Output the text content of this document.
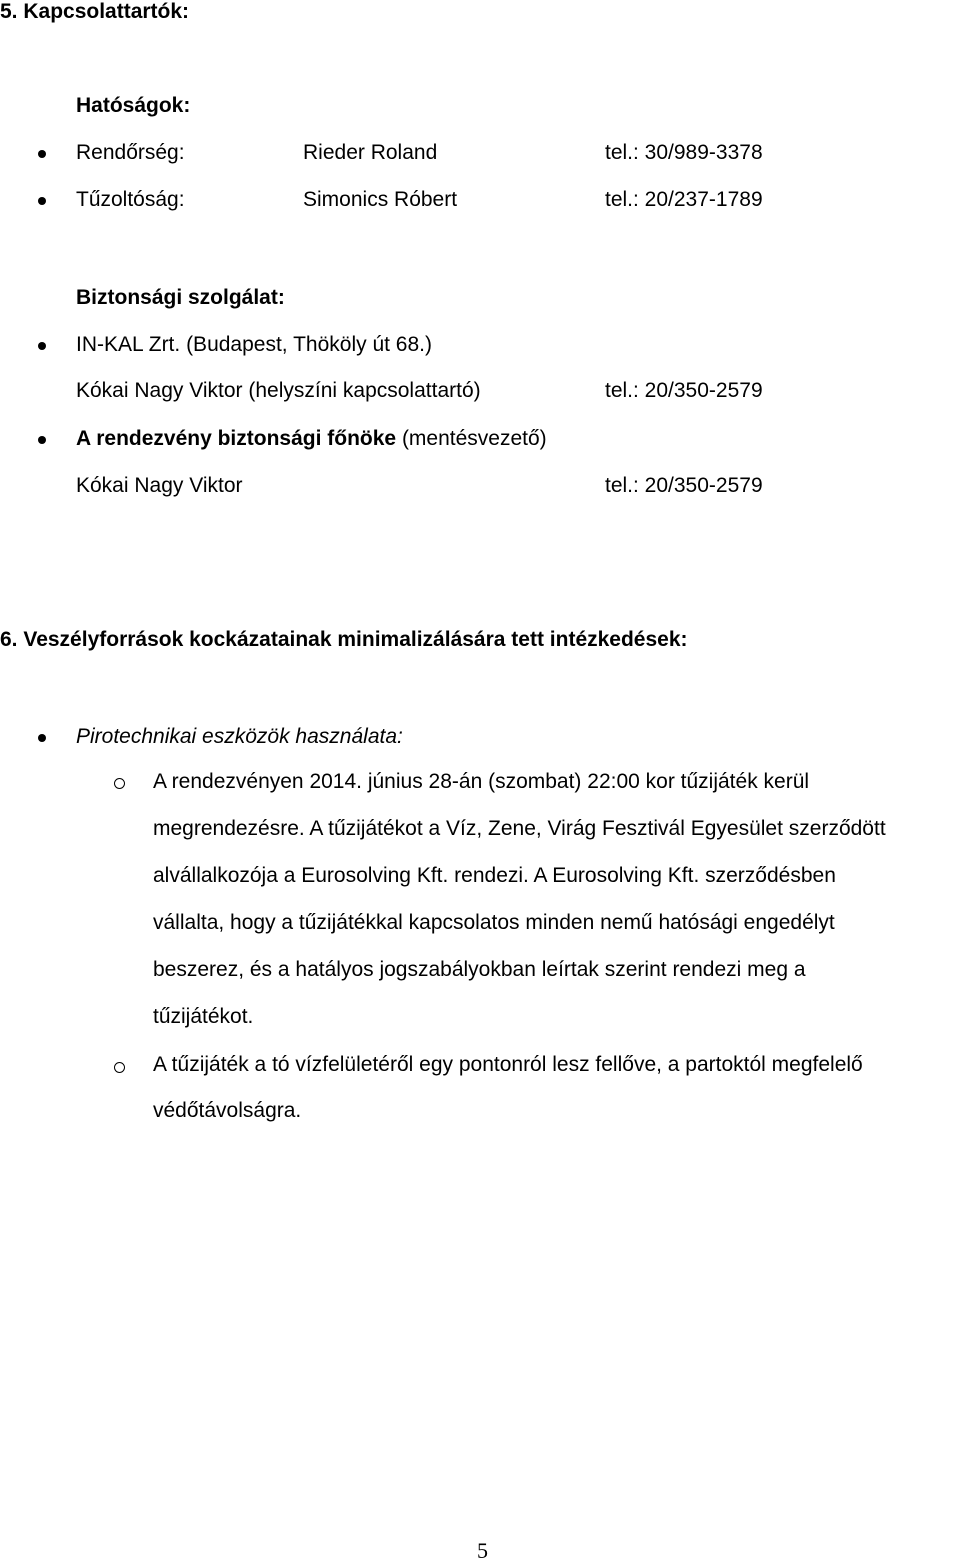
5. Kapcsolattartók:
Hatóságok:
Rendőrség:	Rieder Roland	tel.: 30/989-3378
Tűzoltóság:	Simonics Róbert	tel.: 20/237-1789
Biztonsági szolgálat:
IN-KAL Zrt. (Budapest, Thököly út 68.)
Kókai Nagy Viktor (helyszíni kapcsolattartó)	tel.: 20/350-2579
A rendezvény biztonsági főnöke (mentésvezető)
Kókai Nagy Viktor	tel.: 20/350-2579
6. Veszélyforrások kockázatainak minimalizálására tett intézkedések:
Pirotechnikai eszközök használata:
A rendezvényen 2014. június 28-án (szombat) 22:00 kor tűzijáték kerül
megrendezésre. A tűzijátékot a Víz, Zene, Virág Fesztivál Egyesület szerződött
alvállalkozója a Eurosolving Kft. rendezi. A Eurosolving Kft. szerződésben
vállalta, hogy a tűzijátékkal kapcsolatos minden nemű hatósági engedélyt
beszerez, és a hatályos jogszabályokban leírtak szerint rendezi meg a
tűzijátékot.
A tűzijáték a tó vízfelületéről egy pontonról lesz fellőve, a partoktól megfelelő
védőtávolságra.
5
